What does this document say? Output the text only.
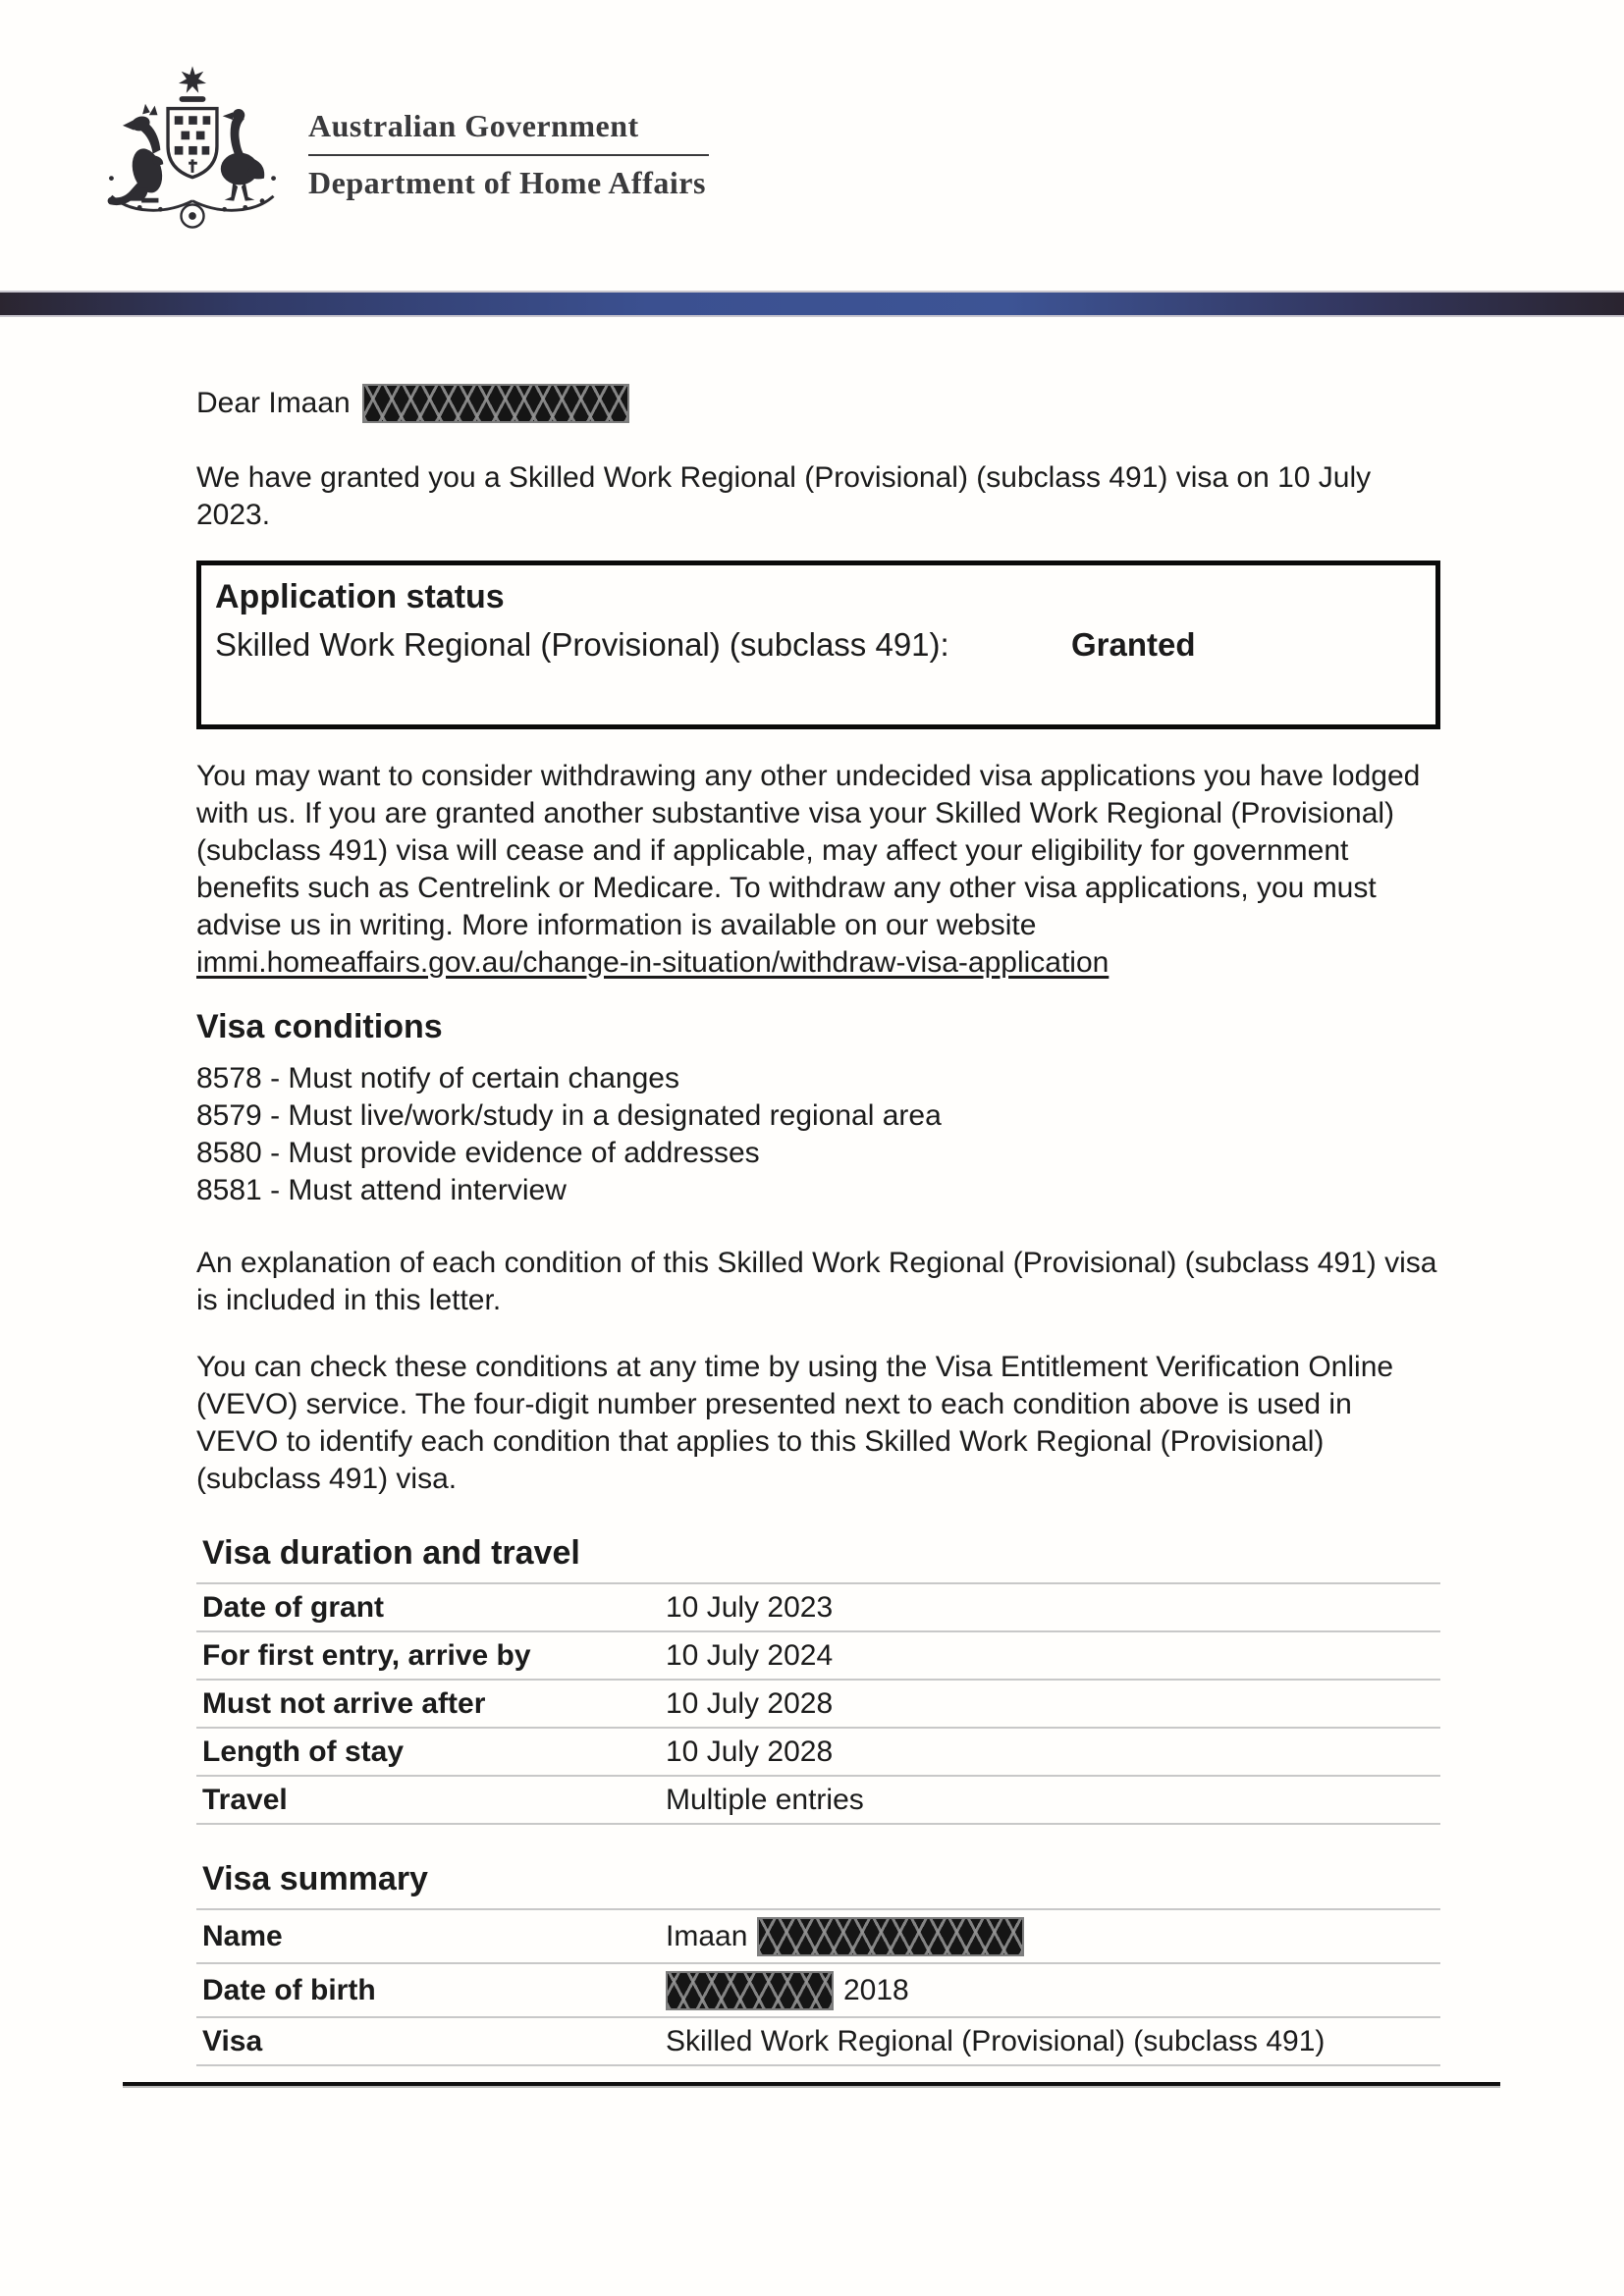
Australian Government
Department of Home Affairs
Dear Imaan
We have granted you a Skilled Work Regional (Provisional) (subclass 491) visa on 10 July 2023.
Application status
Skilled Work Regional (Provisional) (subclass 491):	Granted
You may want to consider withdrawing any other undecided visa applications you have lodged with us. If you are granted another substantive visa your Skilled Work Regional (Provisional) (subclass 491) visa will cease and if applicable, may affect your eligibility for government benefits such as Centrelink or Medicare. To withdraw any other visa applications, you must advise us in writing. More information is available on our website immi.homeaffairs.gov.au/change-in-situation/withdraw-visa-application
Visa conditions
8578 - Must notify of certain changes
8579 - Must live/work/study in a designated regional area
8580 - Must provide evidence of addresses
8581 - Must attend interview
An explanation of each condition of this Skilled Work Regional (Provisional) (subclass 491) visa is included in this letter.
You can check these conditions at any time by using the Visa Entitlement Verification Online (VEVO) service. The four-digit number presented next to each condition above is used in VEVO to identify each condition that applies to this Skilled Work Regional (Provisional) (subclass 491) visa.
Visa duration and travel
Date of grant	10 July 2023
For first entry, arrive by	10 July 2024
Must not arrive after	10 July 2028
Length of stay	10 July 2028
Travel	Multiple entries
Visa summary
Name	Imaan
Date of birth	2018
Visa	Skilled Work Regional (Provisional) (subclass 491)
